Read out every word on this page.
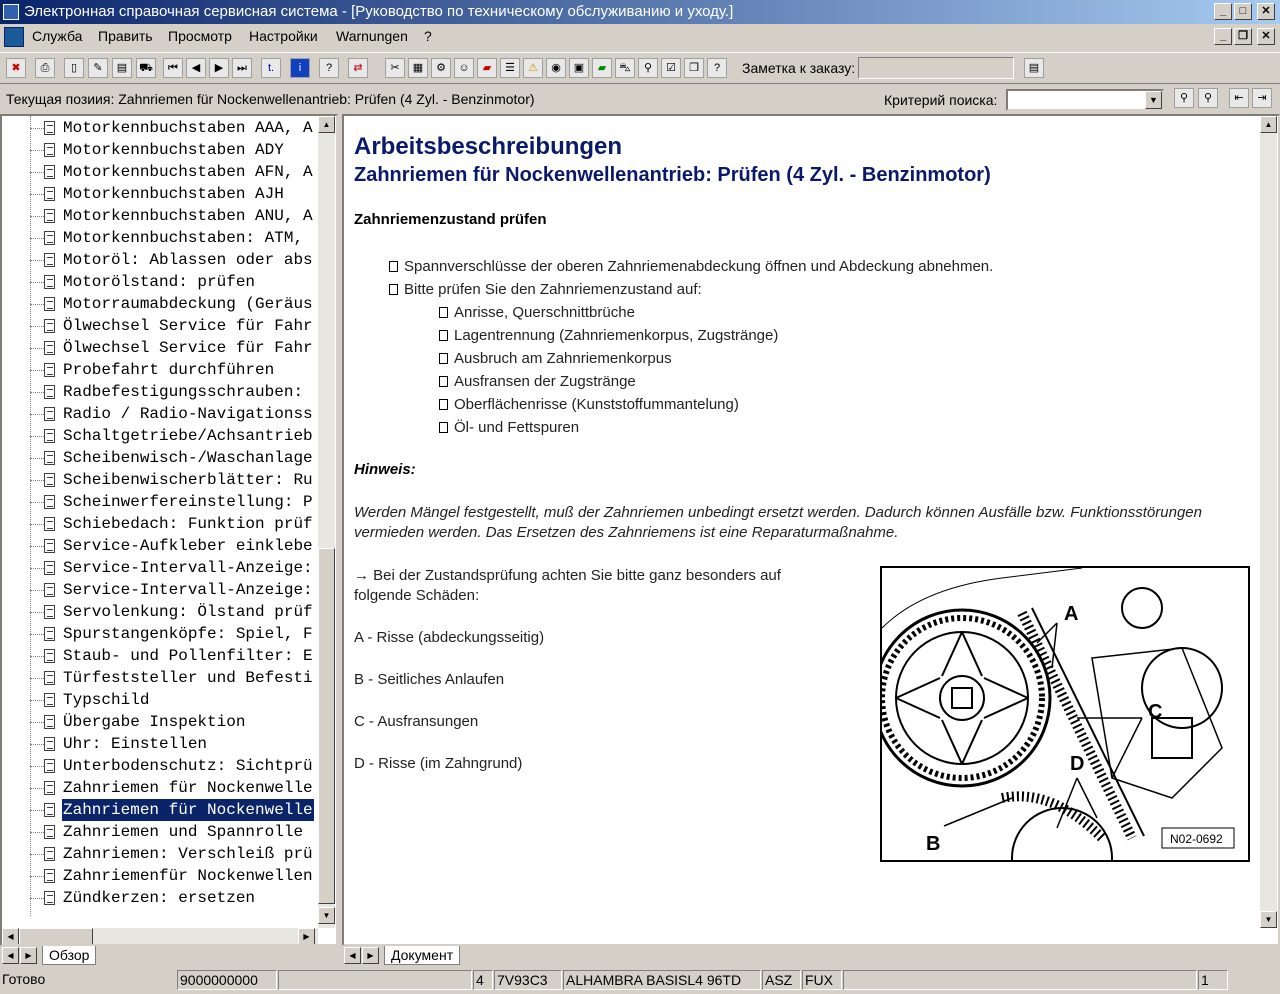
Электронная справочная сервисная система - [Руководство по техническому обслуживанию и уходу.]	_	□	✕
Служба Править Просмотр Настройки Warnungen ?	_	❐	✕
✖	⎙	▯	✎	▤	⛟	⏮	◀	▶	⏭	t.	i	?	⇄	✂	▦	⚙	☺	▰	☰	⚠	◉	▣	▰	⛍	⚲	☑	❐	?	Заметка к заказу:	▤
Текущая позиия: Zahnriemen für Nockenwellenantrieb: Prüfen (4 Zyl. - Benzinmotor)	Критерий поиска:	▼	⚲	⚲	⇤	⇥
Motorkennbuchstaben AAA, A
Motorkennbuchstaben ADY
Motorkennbuchstaben AFN, A
Motorkennbuchstaben AJH
Motorkennbuchstaben ANU, A
Motorkennbuchstaben: ATM,
Motoröl: Ablassen oder abs
Motorölstand: prüfen
Motorraumabdeckung (Geräus
Ölwechsel Service für Fahr
Ölwechsel Service für Fahr
Probefahrt durchführen
Radbefestigungsschrauben:
Radio / Radio-Navigationss
Schaltgetriebe/Achsantrieb
Scheibenwisch-/Waschanlage
Scheibenwischerblätter: Ru
Scheinwerfereinstellung: P
Schiebedach: Funktion prüf
Service-Aufkleber einklebe
Service-Intervall-Anzeige:
Service-Intervall-Anzeige:
Servolenkung: Ölstand prüf
Spurstangenköpfe: Spiel, F
Staub- und Pollenfilter: E
Türfeststeller und Befesti
Typschild
Übergabe Inspektion
Uhr: Einstellen
Unterbodenschutz: Sichtprü
Zahnriemen für Nockenwelle
Zahnriemen für Nockenwelle
Zahnriemen und Spannrolle
Zahnriemen: Verschleiß prü
Zahnriemenfür Nockenwellen
Zündkerzen: ersetzen
▲
▼
◀	▶
◀	▶	Обзор
Arbeitsbeschreibungen
Zahnriemen für Nockenwellenantrieb: Prüfen (4 Zyl. - Benzinmotor)
Zahnriemenzustand prüfen
Spannverschlüsse der oberen Zahnriemenabdeckung öffnen und Abdeckung abnehmen.
Bitte prüfen Sie den Zahnriemenzustand auf:
Anrisse, Querschnittbrüche
Lagentrennung (Zahnriemenkorpus, Zugstränge)
Ausbruch am Zahnriemenkorpus
Ausfransen der Zugstränge
Oberflächenrisse (Kunststoffummantelung)
Öl- und Fettspuren
Hinweis:
Werden Mängel festgestellt, muß der Zahnriemen unbedingt ersetzt werden. Dadurch können Ausfälle bzw. Funktionsstörungen vermieden werden. Das Ersetzen des Zahnriemens ist eine Reparaturmaßnahme.
→ Bei der Zustandsprüfung achten Sie bitte ganz besonders auf
folgende Schäden:
A - Risse (abdeckungsseitig)
B - Seitliches Anlaufen
C - Ausfransungen
D - Risse (im Zahngrund)
A
B
C
D
N02-0692
▲
▼
◀	▶	Документ
Готово	9000000000	4 7V93C3	ALHAMBRA BASISL4 96TD	ASZ FUX	1
